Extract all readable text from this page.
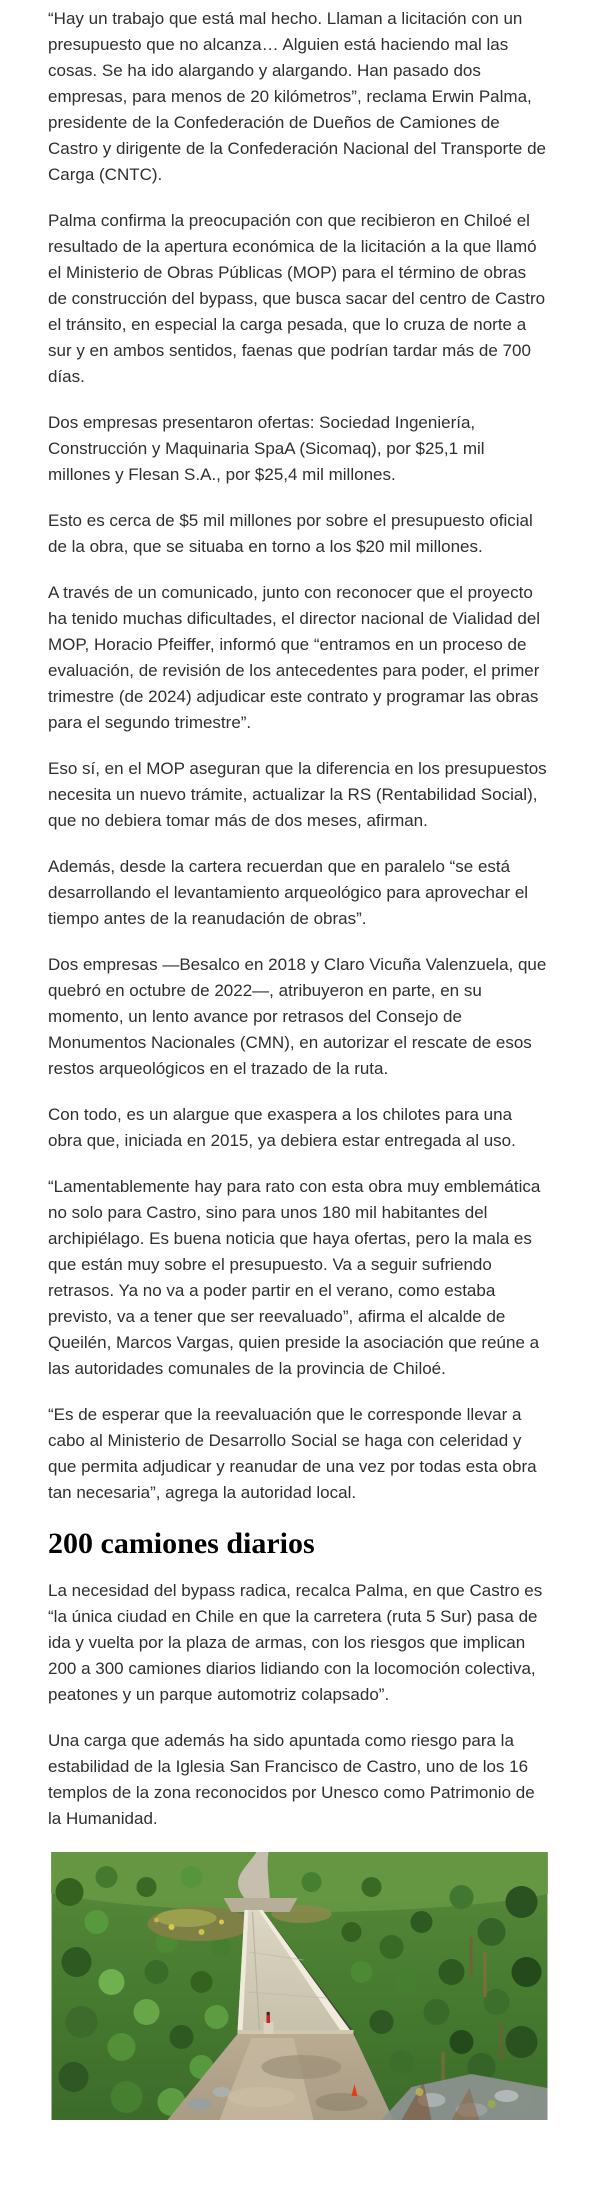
“Hay un trabajo que está mal hecho. Llaman a licitación con un presupuesto que no alcanza… Alguien está haciendo mal las cosas. Se ha ido alargando y alargando. Han pasado dos empresas, para menos de 20 kilómetros”, reclama Erwin Palma, presidente de la Confederación de Dueños de Camiones de Castro y dirigente de la Confederación Nacional del Transporte de Carga (CNTC).

Palma confirma la preocupación con que recibieron en Chiloé el resultado de la apertura económica de la licitación a la que llamó el Ministerio de Obras Públicas (MOP) para el término de obras de construcción del bypass, que busca sacar del centro de Castro el tránsito, en especial la carga pesada, que lo cruza de norte a sur y en ambos sentidos, faenas que podrían tardar más de 700 días.

Dos empresas presentaron ofertas: Sociedad Ingeniería, Construcción y Maquinaria SpaA (Sicomaq), por $25,1 mil millones y Flesan S.A., por $25,4 mil millones.

Esto es cerca de $5 mil millones por sobre el presupuesto oficial de la obra, que se situaba en torno a los $20 mil millones.

A través de un comunicado, junto con reconocer que el proyecto ha tenido muchas dificultades, el director nacional de Vialidad del MOP, Horacio Pfeiffer, informó que “entramos en un proceso de evaluación, de revisión de los antecedentes para poder, el primer trimestre (de 2024) adjudicar este contrato y programar las obras para el segundo trimestre”.

Eso sí, en el MOP aseguran que la diferencia en los presupuestos necesita un nuevo trámite, actualizar la RS (Rentabilidad Social), que no debiera tomar más de dos meses, afirman.

Además, desde la cartera recuerdan que en paralelo “se está desarrollando el levantamiento arqueológico para aprovechar el tiempo antes de la reanudación de obras”.

Dos empresas —Besalco en 2018 y Claro Vicuña Valenzuela, que quebró en octubre de 2022—, atribuyeron en parte, en su momento, un lento avance por retrasos del Consejo de Monumentos Nacionales (CMN), en autorizar el rescate de esos restos arqueológicos en el trazado de la ruta.

Con todo, es un alargue que exaspera a los chilotes para una obra que, iniciada en 2015, ya debiera estar entregada al uso.

“Lamentablemente hay para rato con esta obra muy emblemática no solo para Castro, sino para unos 180 mil habitantes del archipiélago. Es buena noticia que haya ofertas, pero la mala es que están muy sobre el presupuesto. Va a seguir sufriendo retrasos. Ya no va a poder partir en el verano, como estaba previsto, va a tener que ser reevaluado”, afirma el alcalde de Queilén, Marcos Vargas, quien preside la asociación que reúne a las autoridades comunales de la provincia de Chiloé.

“Es de esperar que la reevaluación que le corresponde llevar a cabo al Ministerio de Desarrollo Social se haga con celeridad y que permita adjudicar y reanudar de una vez por todas esta obra tan necesaria”, agrega la autoridad local.

200 camiones diarios

La necesidad del bypass radica, recalca Palma, en que Castro es “la única ciudad en Chile en que la carretera (ruta 5 Sur) pasa de ida y vuelta por la plaza de armas, con los riesgos que implican 200 a 300 camiones diarios lidiando con la locomoción colectiva, peatones y un parque automotriz colapsado”.

Una carga que además ha sido apuntada como riesgo para la estabilidad de la Iglesia San Francisco de Castro, uno de los 16 templos de la zona reconocidos por Unesco como Patrimonio de la Humanidad.
